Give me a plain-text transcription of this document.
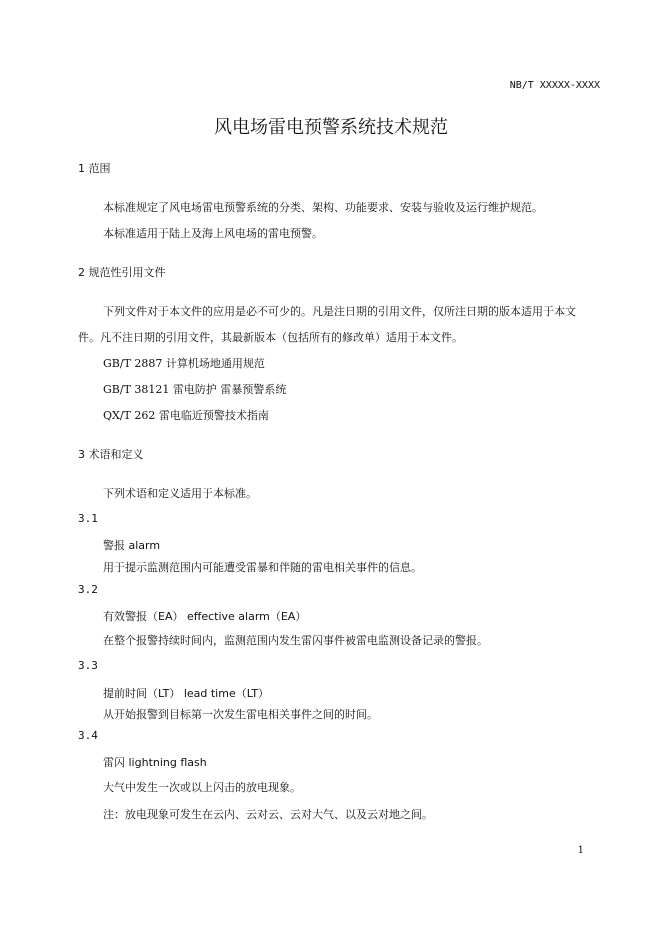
NB/T XXXXX-XXXX
风电场雷电预警系统技术规范
1 范围
本标准规定了风电场雷电预警系统的分类、架构、功能要求、安装与验收及运行维护规范。
本标准适用于陆上及海上风电场的雷电预警。
2 规范性引用文件
下列文件对于本文件的应用是必不可少的。凡是注日期的引用文件，仅所注日期的版本适用于本文
件。凡不注日期的引用文件，其最新版本（包括所有的修改单）适用于本文件。
GB/T 2887 计算机场地通用规范
GB/T 38121 雷电防护 雷暴预警系统
QX/T 262 雷电临近预警技术指南
3 术语和定义
下列术语和定义适用于本标准。
3.1
警报 alarm
用于提示监测范围内可能遭受雷暴和伴随的雷电相关事件的信息。
3.2
有效警报（EA） effective alarm（EA）
在整个报警持续时间内，监测范围内发生雷闪事件被雷电监测设备记录的警报。
3.3
提前时间（LT） lead time（LT）
从开始报警到目标第一次发生雷电相关事件之间的时间。
3.4
雷闪 lightning flash
大气中发生一次或以上闪击的放电现象。
注：放电现象可发生在云内、云对云、云对大气、以及云对地之间。
1
